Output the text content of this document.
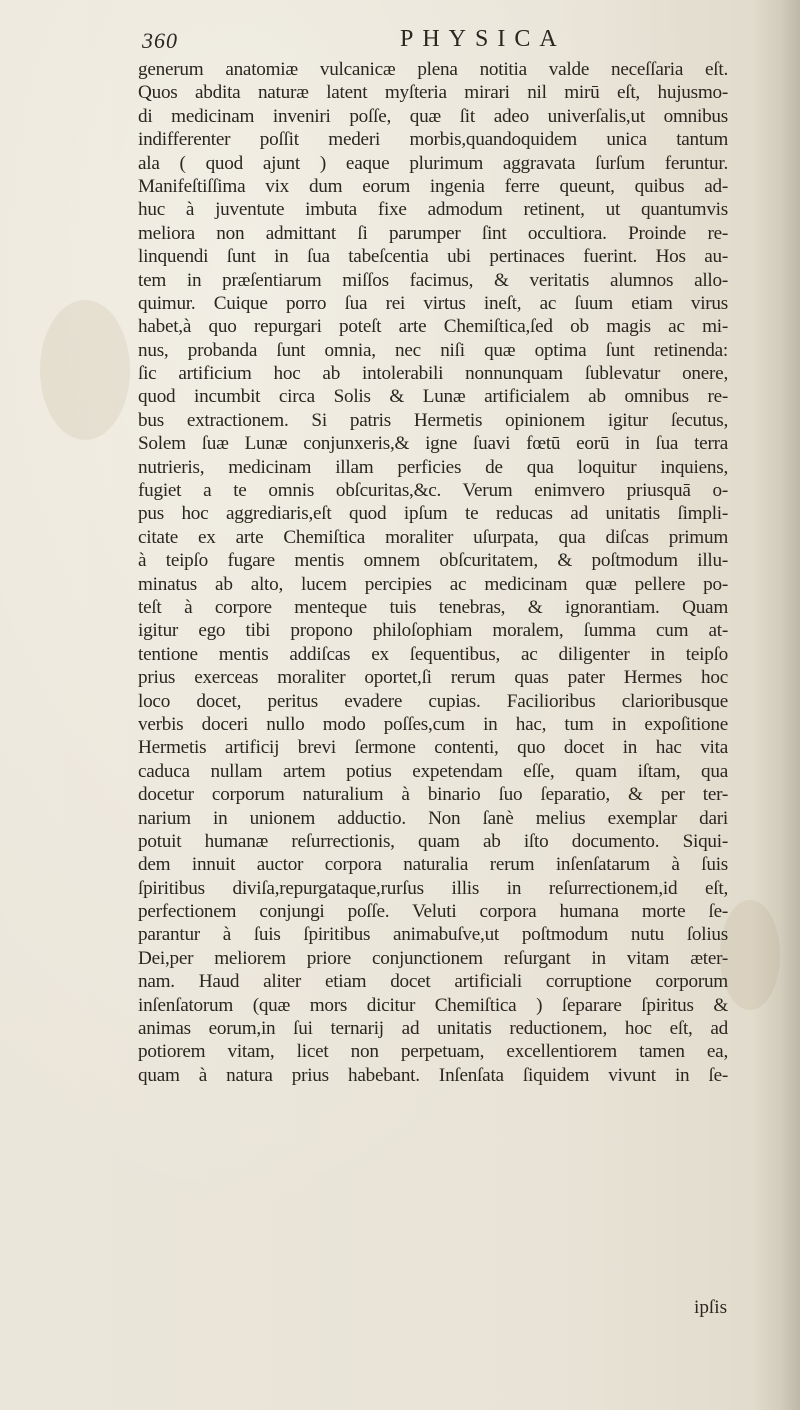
360	PHYSICA
generum anatomiæ vulcanicæ plena notitia valde neceſſaria eſt.
Quos abdita naturæ latent myſteria mirari nil mirū eſt, hujusmo-
di medicinam inveniri poſſe, quæ ſit adeo univerſalis,ut omnibus
indifferenter poſſit mederi morbis,quandoquidem unica tantum
ala ( quod ajunt ) eaque plurimum aggravata ſurſum feruntur.
Manifeſtiſſima vix dum eorum ingenia ferre queunt, quibus ad-
huc à juventute imbuta fixe admodum retinent, ut quantumvis
meliora non admittant ſi parumper ſint occultiora. Proinde re-
linquendi ſunt in ſua tabeſcentia ubi pertinaces fuerint. Hos au-
tem in præſentiarum miſſos facimus, & veritatis alumnos allo-
quimur. Cuique porro ſua rei virtus ineſt, ac ſuum etiam virus
habet,à quo repurgari poteſt arte Chemiſtica,ſed ob magis ac mi-
nus, probanda ſunt omnia, nec niſi quæ optima ſunt retinenda:
ſic artificium hoc ab intolerabili nonnunquam ſublevatur onere,
quod incumbit circa Solis & Lunæ artificialem ab omnibus re-
bus extractionem. Si patris Hermetis opinionem igitur ſecutus,
Solem ſuæ Lunæ conjunxeris,& igne ſuavi fœtū eorū in ſua terra
nutrieris, medicinam illam perficies de qua loquitur inquiens,
fugiet a te omnis obſcuritas,&c. Verum enimvero priusquā o-
pus hoc aggrediaris,eſt quod ipſum te reducas ad unitatis ſimpli-
citate ex arte Chemiſtica moraliter uſurpata, qua diſcas primum
à teipſo fugare mentis omnem obſcuritatem, & poſtmodum illu-
minatus ab alto, lucem percipies ac medicinam quæ pellere po-
teſt à corpore menteque tuis tenebras, & ignorantiam. Quam
igitur ego tibi propono philoſophiam moralem, ſumma cum at-
tentione mentis addiſcas ex ſequentibus, ac diligenter in teipſo
prius exerceas moraliter oportet,ſi rerum quas pater Hermes hoc
loco docet, peritus evadere cupias. Facilioribus clarioribusque
verbis doceri nullo modo poſſes,cum in hac, tum in expoſitione
Hermetis artificij brevi ſermone contenti, quo docet in hac vita
caduca nullam artem potius expetendam eſſe, quam iſtam, qua
docetur corporum naturalium à binario ſuo ſeparatio, & per ter-
narium in unionem adductio. Non ſanè melius exemplar dari
potuit humanæ reſurrectionis, quam ab iſto documento. Siqui-
dem innuit auctor corpora naturalia rerum inſenſatarum à ſuis
ſpiritibus diviſa,repurgataque,rurſus illis in reſurrectionem,id eſt,
perfectionem conjungi poſſe. Veluti corpora humana morte ſe-
parantur à ſuis ſpiritibus animabuſve,ut poſtmodum nutu ſolius
Dei,per meliorem priore conjunctionem reſurgant in vitam æter-
nam. Haud aliter etiam docet artificiali corruptione corporum
inſenſatorum (quæ mors dicitur Chemiſtica ) ſeparare ſpiritus &
animas eorum,in ſui ternarij ad unitatis reductionem, hoc eſt, ad
potiorem vitam, licet non perpetuam, excellentiorem tamen ea,
quam à natura prius habebant. Inſenſata ſiquidem vivunt in ſe-
ipſis
